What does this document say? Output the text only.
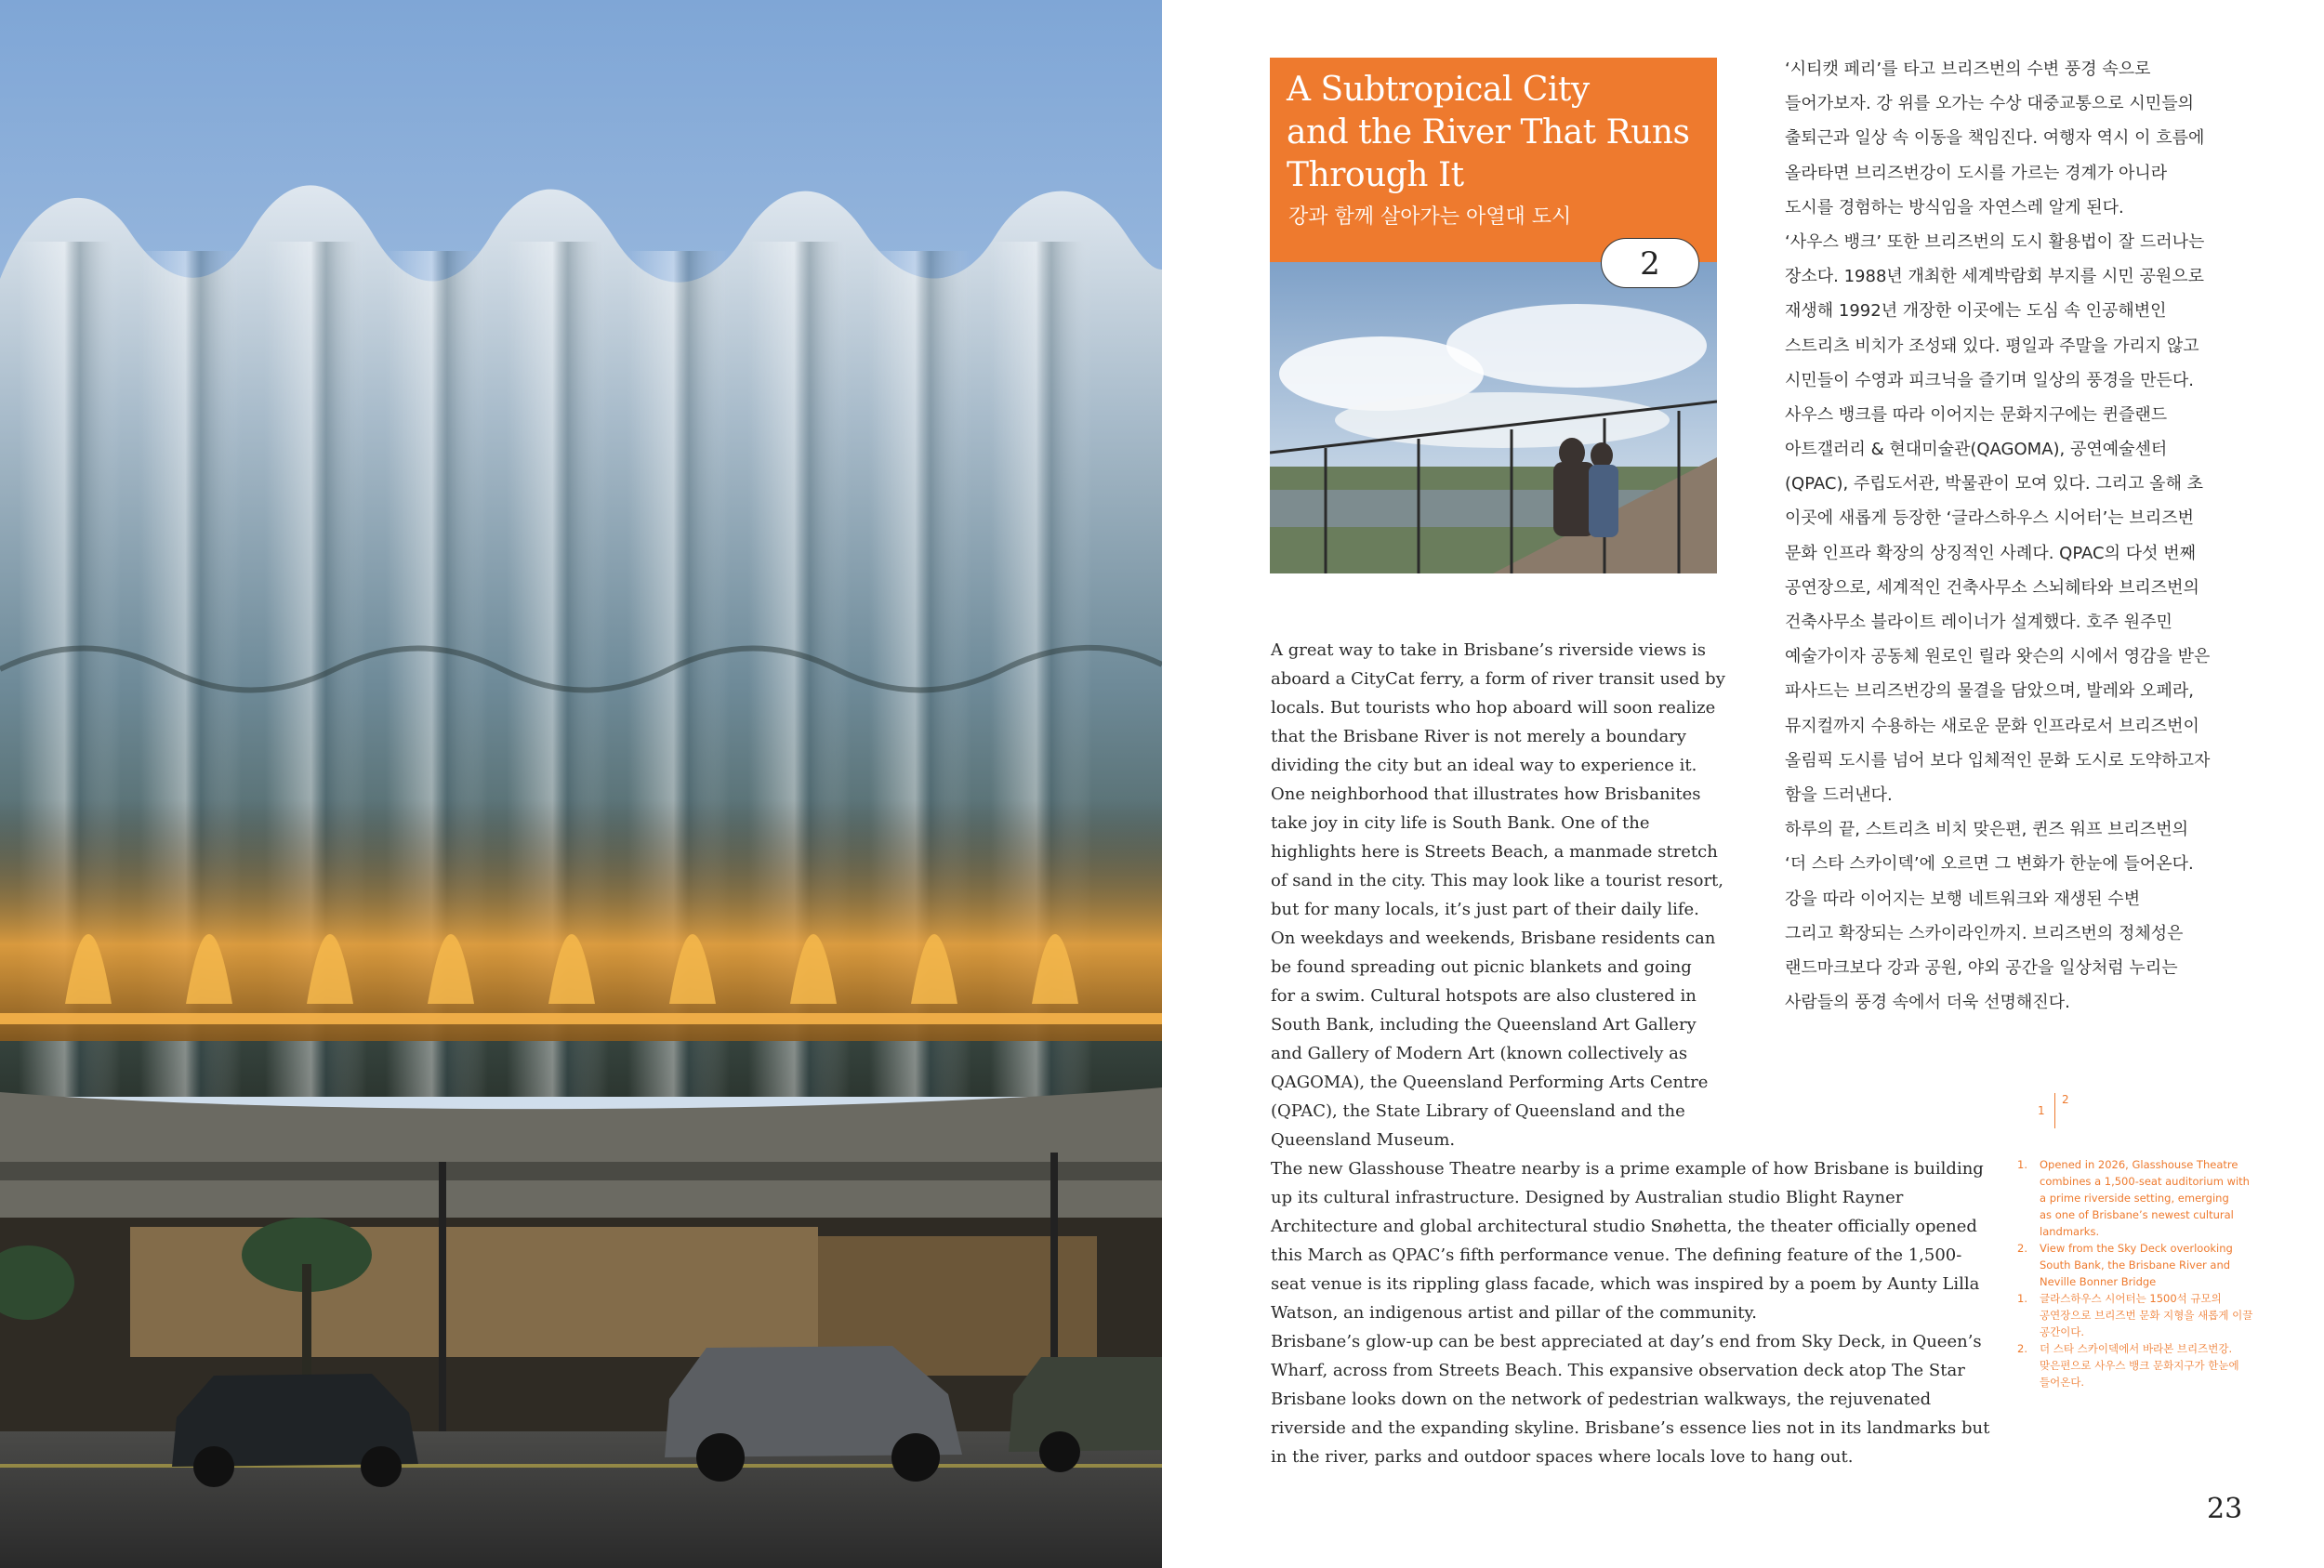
A Subtropical City
and the River That Runs
Through It
강과 함께 살아가는 아열대 도시
2
A great way to take in Brisbane’s riverside views is
aboard a CityCat ferry, a form of river transit used by
locals. But tourists who hop aboard will soon realize
that the Brisbane River is not merely a boundary
dividing the city but an ideal way to experience it.
One neighborhood that illustrates how Brisbanites
take joy in city life is South Bank. One of the
highlights here is Streets Beach, a manmade stretch
of sand in the city. This may look like a tourist resort,
but for many locals, it’s just part of their daily life.
On weekdays and weekends, Brisbane residents can
be found spreading out picnic blankets and going
for a swim. Cultural hotspots are also clustered in
South Bank, including the Queensland Art Gallery
and Gallery of Modern Art (known collectively as
QAGOMA), the Queensland Performing Arts Centre
(QPAC), the State Library of Queensland and the
Queensland Museum.
The new Glasshouse Theatre nearby is a prime example of how Brisbane is building
up its cultural infrastructure. Designed by Australian studio Blight Rayner
Architecture and global architectural studio Snøhetta, the theater officially opened
this March as QPAC’s fifth performance venue. The defining feature of the 1,500-
seat venue is its rippling glass facade, which was inspired by a poem by Aunty Lilla
Watson, an indigenous artist and pillar of the community.
Brisbane’s glow-up can be best appreciated at day’s end from Sky Deck, in Queen’s
Wharf, across from Streets Beach. This expansive observation deck atop The Star
Brisbane looks down on the network of pedestrian walkways, the rejuvenated
riverside and the expanding skyline. Brisbane’s essence lies not in its landmarks but
in the river, parks and outdoor spaces where locals love to hang out.
‘시티캣 페리’를 타고 브리즈번의 수변 풍경 속으로
들어가보자. 강 위를 오가는 수상 대중교통으로 시민들의
출퇴근과 일상 속 이동을 책임진다. 여행자 역시 이 흐름에
올라타면 브리즈번강이 도시를 가르는 경계가 아니라
도시를 경험하는 방식임을 자연스레 알게 된다.
‘사우스 뱅크’ 또한 브리즈번의 도시 활용법이 잘 드러나는
장소다. 1988년 개최한 세계박람회 부지를 시민 공원으로
재생해 1992년 개장한 이곳에는 도심 속 인공해변인
스트리츠 비치가 조성돼 있다. 평일과 주말을 가리지 않고
시민들이 수영과 피크닉을 즐기며 일상의 풍경을 만든다.
사우스 뱅크를 따라 이어지는 문화지구에는 퀸즐랜드
아트갤러리 & 현대미술관(QAGOMA), 공연예술센터
(QPAC), 주립도서관, 박물관이 모여 있다. 그리고 올해 초
이곳에 새롭게 등장한 ‘글라스하우스 시어터’는 브리즈번
문화 인프라 확장의 상징적인 사례다. QPAC의 다섯 번째
공연장으로, 세계적인 건축사무소 스뇌헤타와 브리즈번의
건축사무소 블라이트 레이너가 설계했다. 호주 원주민
예술가이자 공동체 원로인 릴라 왓슨의 시에서 영감을 받은
파사드는 브리즈번강의 물결을 담았으며, 발레와 오페라,
뮤지컬까지 수용하는 새로운 문화 인프라로서 브리즈번이
올림픽 도시를 넘어 보다 입체적인 문화 도시로 도약하고자
함을 드러낸다.
하루의 끝, 스트리츠 비치 맞은편, 퀸즈 워프 브리즈번의
‘더 스타 스카이덱’에 오르면 그 변화가 한눈에 들어온다.
강을 따라 이어지는 보행 네트워크와 재생된 수변
그리고 확장되는 스카이라인까지. 브리즈번의 정체성은
랜드마크보다 강과 공원, 야외 공간을 일상처럼 누리는
사람들의 풍경 속에서 더욱 선명해진다.
1
2
1. Opened in 2026, Glasshouse Theatre
combines a 1,500-seat auditorium with
a prime riverside setting, emerging
as one of Brisbane’s newest cultural
landmarks.
2. View from the Sky Deck overlooking
South Bank, the Brisbane River and
Neville Bonner Bridge
1. 글라스하우스 시어터는 1500석 규모의
공연장으로 브리즈번 문화 지형을 새롭게 이끌
공간이다.
2. 더 스타 스카이덱에서 바라본 브리즈번강.
맞은편으로 사우스 뱅크 문화지구가 한눈에
들어온다.
23
